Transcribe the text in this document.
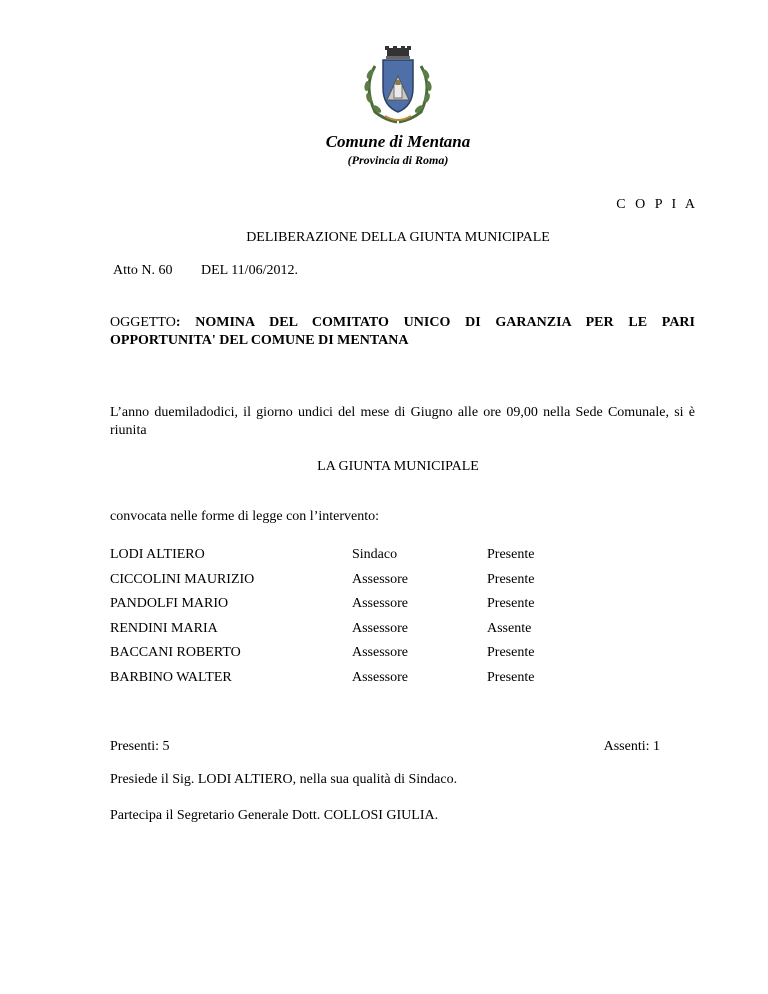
Comune di Mentana
(Provincia di Roma)
C O P I A
DELIBERAZIONE DELLA GIUNTA MUNICIPALE
Atto N. 60 DEL 11/06/2012.
OGGETTO: NOMINA DEL COMITATO UNICO DI GARANZIA PER LE PARI
OPPORTUNITA' DEL COMUNE DI MENTANA
L’anno duemiladodici, il giorno undici del mese di Giugno alle ore 09,00 nella Sede Comunale, si è riunita
LA GIUNTA MUNICIPALE
convocata nelle forme di legge con l’intervento:
LODI ALTIERO	Sindaco	Presente
CICCOLINI MAURIZIO	Assessore	Presente
PANDOLFI MARIO	Assessore	Presente
RENDINI MARIA	Assessore	Assente
BACCANI ROBERTO	Assessore	Presente
BARBINO WALTER	Assessore	Presente
Presenti: 5	Assenti: 1
Presiede il Sig. LODI ALTIERO, nella sua qualità di Sindaco.
Partecipa il Segretario Generale Dott. COLLOSI GIULIA.
